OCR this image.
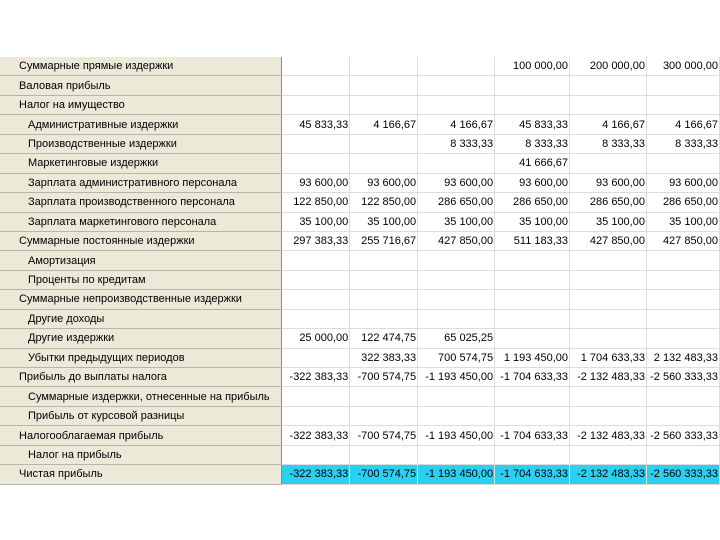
Суммарные прямые издержки				100 000,00	200 000,00	300 000,00
Валовая прибыль						
Налог на имущество						
Административные издержки	45 833,33	4 166,67	4 166,67	45 833,33	4 166,67	4 166,67
Производственные издержки			8 333,33	8 333,33	8 333,33	8 333,33
Маркетинговые издержки				41 666,67		
Зарплата административного персонала	93 600,00	93 600,00	93 600,00	93 600,00	93 600,00	93 600,00
Зарплата производственного персонала	122 850,00	122 850,00	286 650,00	286 650,00	286 650,00	286 650,00
Зарплата маркетингового персонала	35 100,00	35 100,00	35 100,00	35 100,00	35 100,00	35 100,00
Суммарные постоянные издержки	297 383,33	255 716,67	427 850,00	511 183,33	427 850,00	427 850,00
Амортизация						
Проценты по кредитам						
Суммарные непроизводственные издержки						
Другие доходы						
Другие издержки	25 000,00	122 474,75	65 025,25			
Убытки предыдущих периодов		322 383,33	700 574,75	1 193 450,00	1 704 633,33	2 132 483,33
Прибыль до выплаты налога	-322 383,33	-700 574,75	-1 193 450,00	-1 704 633,33	-2 132 483,33	-2 560 333,33
Суммарные издержки, отнесенные на прибыль						
Прибыль от курсовой разницы						
Налогооблагаемая прибыль	-322 383,33	-700 574,75	-1 193 450,00	-1 704 633,33	-2 132 483,33	-2 560 333,33
Налог на прибыль						
Чистая прибыль	-322 383,33	-700 574,75	-1 193 450,00	-1 704 633,33	-2 132 483,33	-2 560 333,33
